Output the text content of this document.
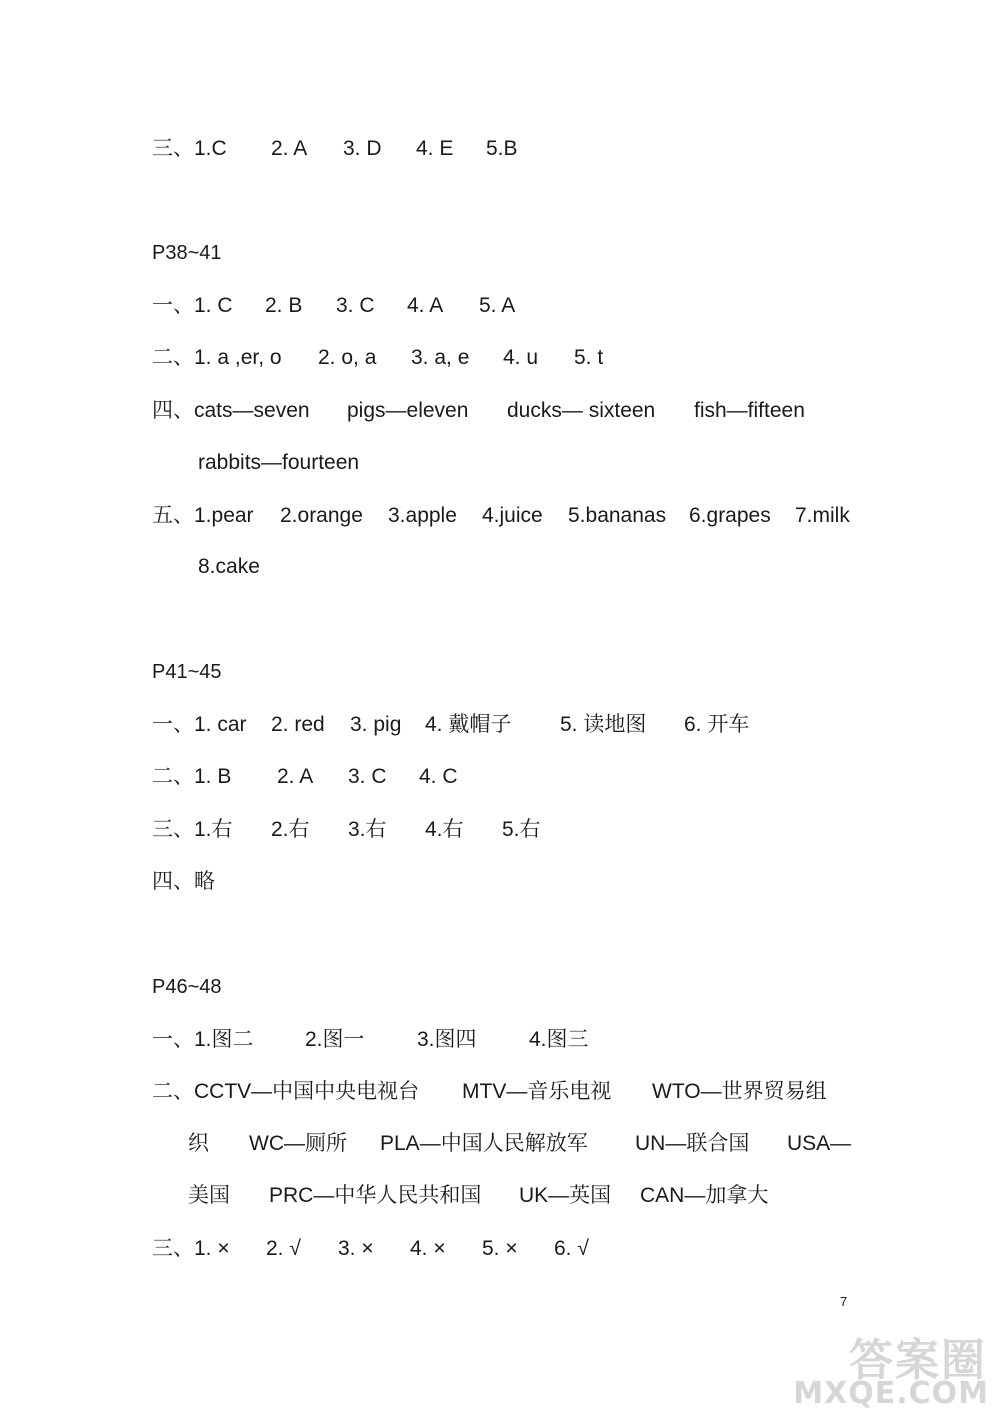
三、1.C 2. A 3. D 4. E 5.B
P38~41
一、1. C 2. B 3. C 4. A 5. A
二、1. a ,er, o 2. o, a 3. a, e 4. u 5. t
四、cats—seven pigs—eleven ducks— sixteen fish—fifteen
rabbits—fourteen
五、1.pear 2.orange 3.apple 4.juice 5.bananas 6.grapes 7.milk
8.cake
P41~45
一、1. car 2. red 3. pig 4. 戴帽子 5. 读地图 6. 开车
二、1. B 2. A 3. C 4. C
三、1.右 2.右 3.右 4.右 5.右
四、略
P46~48
一、1.图二 2.图一 3.图四 4.图三
二、CCTV—中国中央电视台 MTV—音乐电视 WTO—世界贸易组
织 WC—厕所 PLA—中国人民解放军 UN—联合国 USA—
美国 PRC—中华人民共和国 UK—英国 CAN—加拿大
三、1. × 2. √ 3. × 4. × 5. × 6. √
7
答案圈
MXQE.COM
